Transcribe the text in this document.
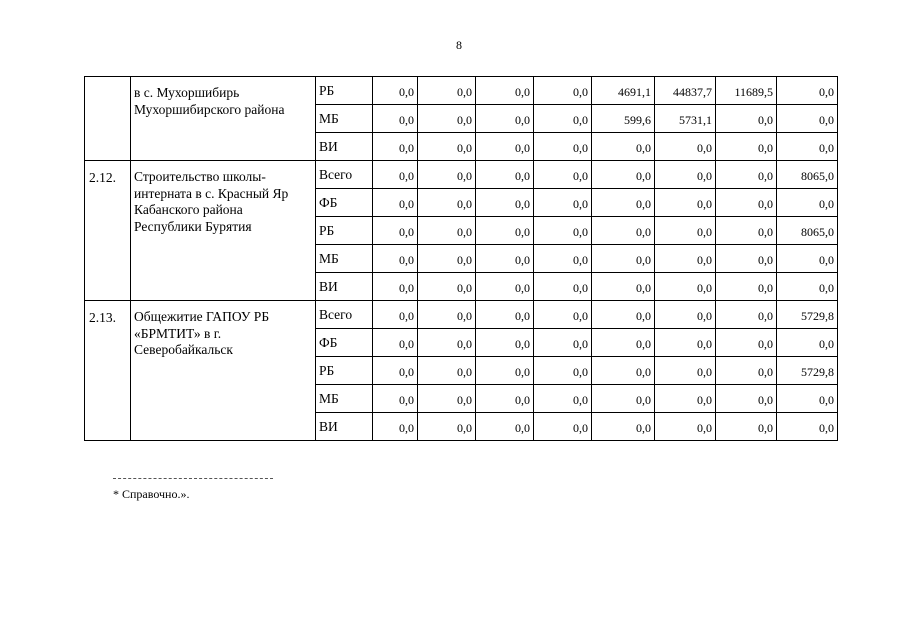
8
	в с. Мухоршибирь Мухоршибирского района	РБ	0,0	0,0	0,0	0,0	4691,1	44837,7	11689,5	0,0
		МБ	0,0	0,0	0,0	0,0	599,6	5731,1	0,0	0,0
		ВИ	0,0	0,0	0,0	0,0	0,0	0,0	0,0	0,0
2.12.	Строительство школы-интерната в с. Красный Яр Кабанского района Республики Бурятия	Всего	0,0	0,0	0,0	0,0	0,0	0,0	0,0	8065,0
		ФБ	0,0	0,0	0,0	0,0	0,0	0,0	0,0	0,0
		РБ	0,0	0,0	0,0	0,0	0,0	0,0	0,0	8065,0
		МБ	0,0	0,0	0,0	0,0	0,0	0,0	0,0	0,0
		ВИ	0,0	0,0	0,0	0,0	0,0	0,0	0,0	0,0
2.13.	Общежитие ГАПОУ РБ «БРМТИТ» в г. Северобайкальск	Всего	0,0	0,0	0,0	0,0	0,0	0,0	0,0	5729,8
		ФБ	0,0	0,0	0,0	0,0	0,0	0,0	0,0	0,0
		РБ	0,0	0,0	0,0	0,0	0,0	0,0	0,0	5729,8
		МБ	0,0	0,0	0,0	0,0	0,0	0,0	0,0	0,0
		ВИ	0,0	0,0	0,0	0,0	0,0	0,0	0,0	0,0
* Справочно.».
